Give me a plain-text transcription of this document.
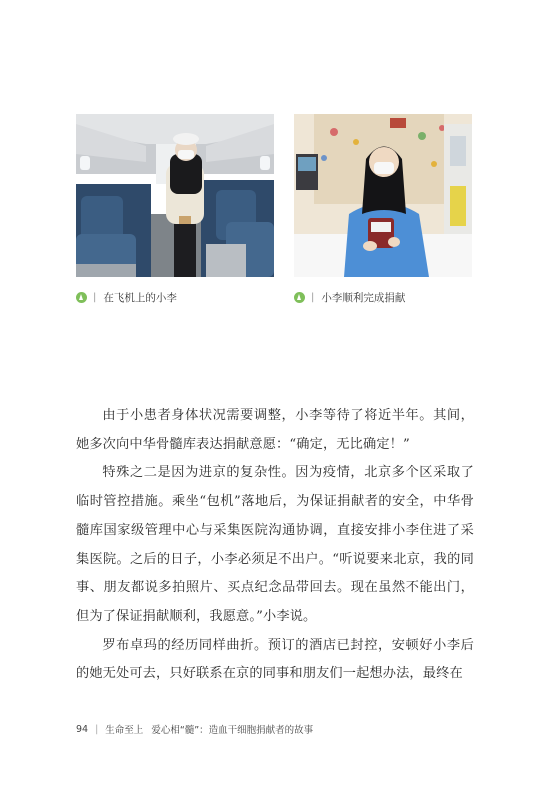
| 在飞机上的小李	| 小李顺利完成捐献

由于小患者身体状况需要调整，小李等待了将近半年。其间，她多次向中华骨髓库表达捐献意愿：“确定，无比确定！”

特殊之二是因为进京的复杂性。因为疫情，北京多个区采取了临时管控措施。乘坐“包机”落地后，为保证捐献者的安全，中华骨髓库国家级管理中心与采集医院沟通协调，直接安排小李住进了采集医院。之后的日子，小李必须足不出户。“听说要来北京，我的同事、朋友都说多拍照片、买点纪念品带回去。现在虽然不能出门，但为了保证捐献顺利，我愿意。”小李说。

罗布卓玛的经历同样曲折。预订的酒店已封控，安顿好小李后的她无处可去，只好联系在京的同事和朋友们一起想办法，最终在

94 | 生命至上 爱心相“髓”：造血干细胞捐献者的故事
